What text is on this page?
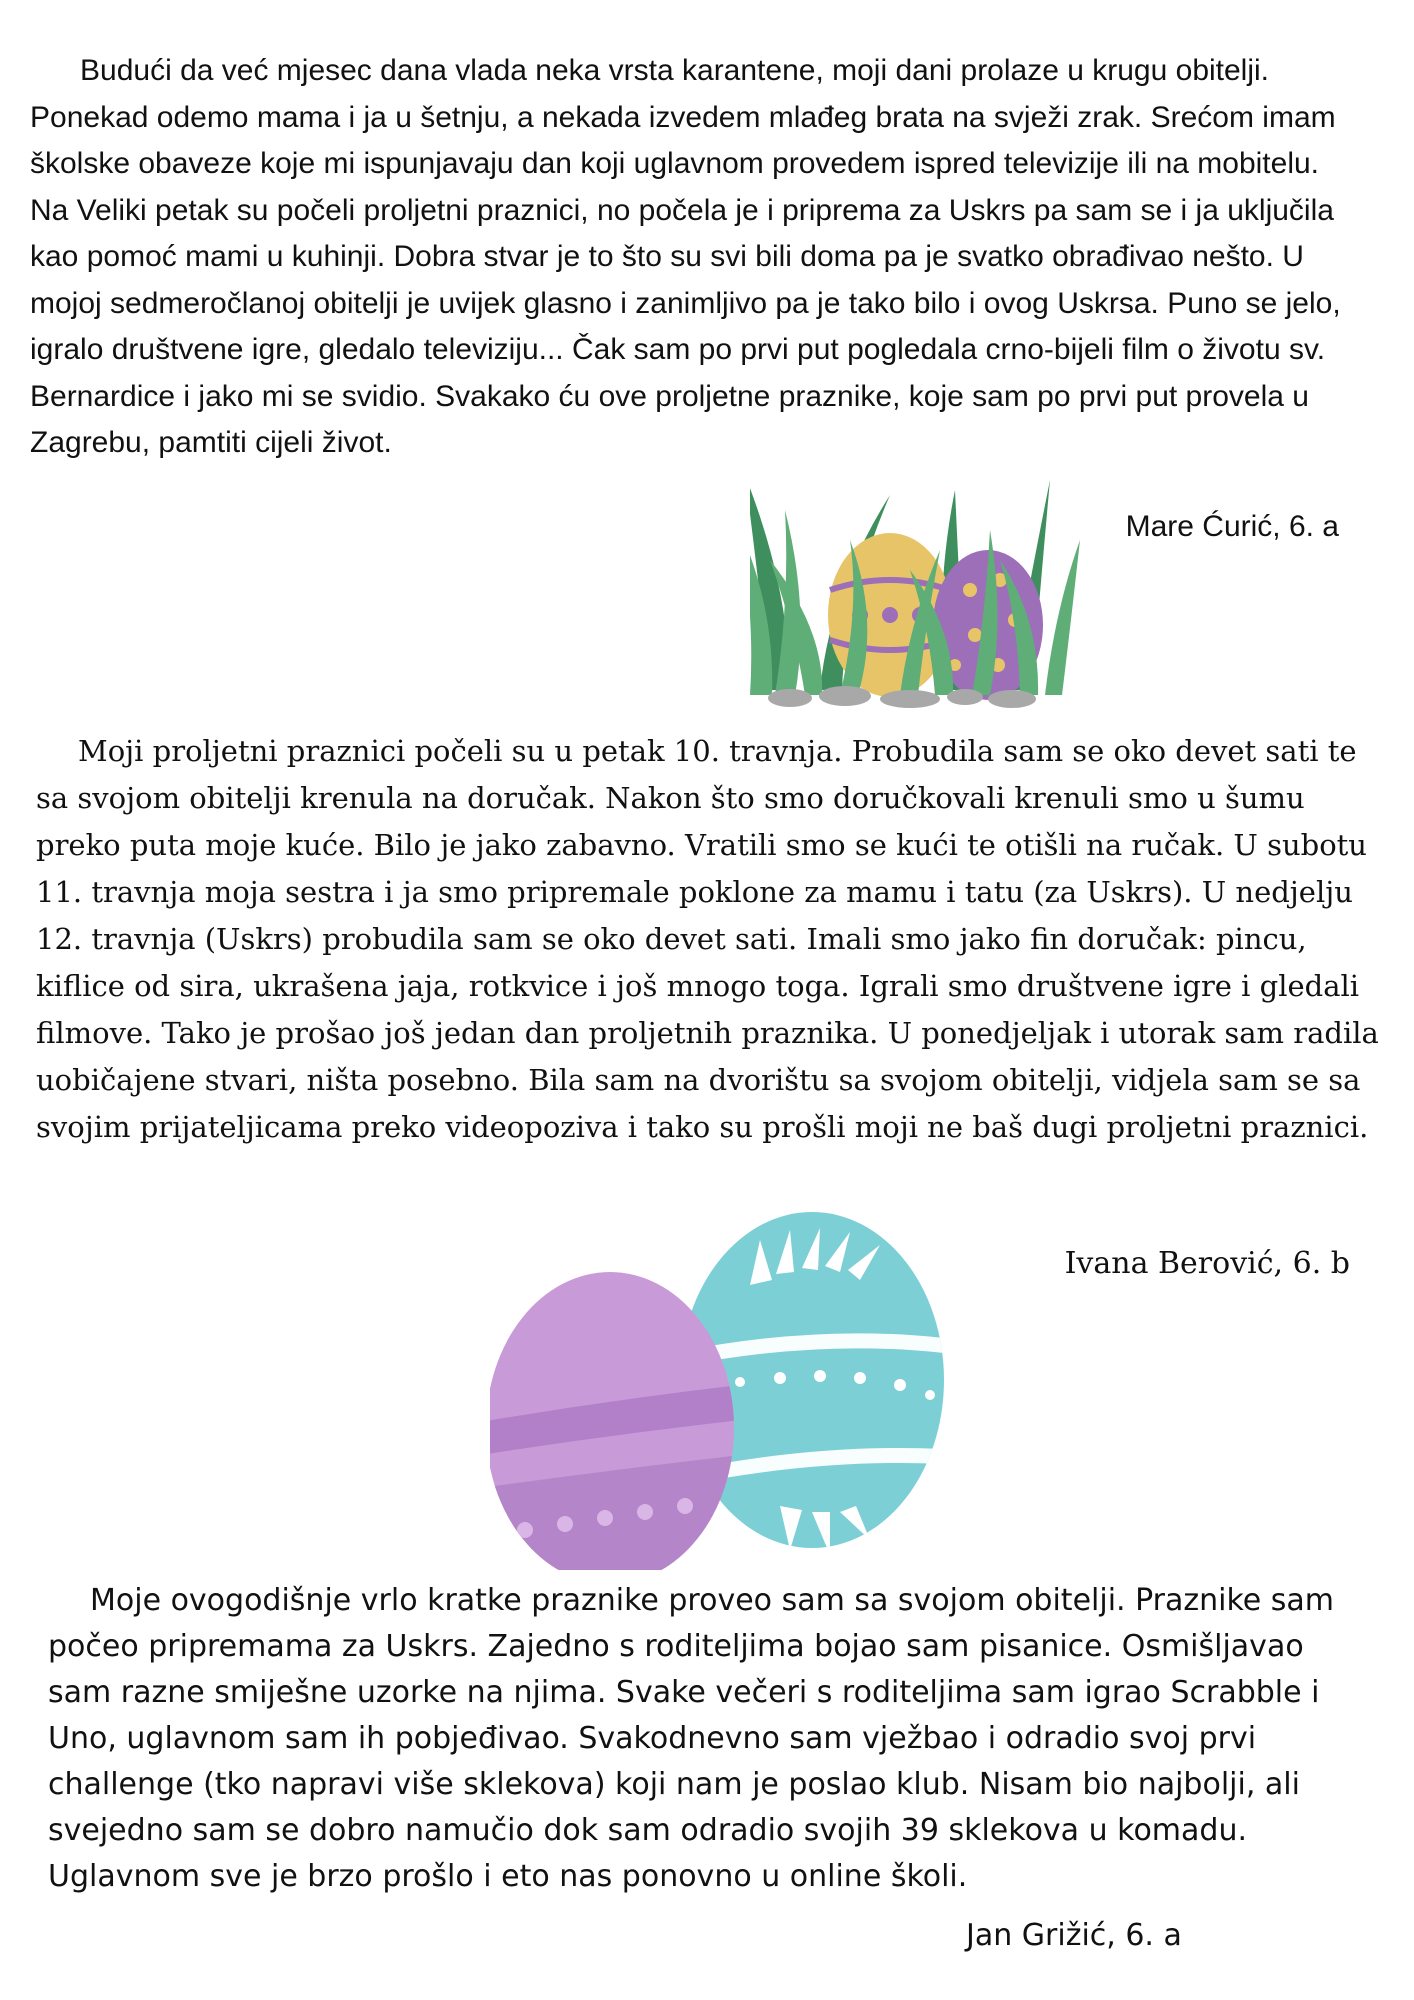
Budući da već mjesec dana vlada neka vrsta karantene, moji dani prolaze u krugu obitelji. Ponekad odemo mama i ja u šetnju, a nekada izvedem mlađeg brata na svježi zrak. Srećom imam školske obaveze koje mi ispunjavaju dan koji uglavnom provedem ispred televizije ili na mobitelu. Na Veliki petak su počeli proljetni praznici, no počela je i priprema za Uskrs pa sam se i ja uključila kao pomoć mami u kuhinji. Dobra stvar je to što su svi bili doma pa je svatko obrađivao nešto. U mojoj sedmeročlanoj obitelji je uvijek glasno i zanimljivo pa je tako bilo i ovog Uskrsa. Puno se jelo, igralo društvene igre, gledalo televiziju... Čak sam po prvi put pogledala crno-bijeli film o životu sv. Bernardice i jako mi se svidio. Svakako ću ove proljetne praznike, koje sam po prvi put provela u Zagrebu, pamtiti cijeli život.

Mare Ćurić, 6. a

Moji proljetni praznici počeli su u petak 10. travnja. Probudila sam se oko devet sati te sa svojom obitelji krenula na doručak. Nakon što smo doručkovali krenuli smo u šumu preko puta moje kuće. Bilo je jako zabavno. Vratili smo se kući te otišli na ručak. U subotu 11. travnja moja sestra i ja smo pripremale poklone za mamu i tatu (za Uskrs). U nedjelju 12. travnja (Uskrs) probudila sam se oko devet sati. Imali smo jako fin doručak: pincu, kiflice od sira, ukrašena jaja, rotkvice i još mnogo toga. Igrali smo društvene igre i gledali filmove. Tako je prošao još jedan dan proljetnih praznika. U ponedjeljak i utorak sam radila uobičajene stvari, ništa posebno. Bila sam na dvorištu sa svojom obitelji, vidjela sam se sa svojim prijateljicama preko videopoziva i tako su prošli moji ne baš dugi proljetni praznici.

Ivana Berović, 6. b

Moje ovogodišnje vrlo kratke praznike proveo sam sa svojom obitelji. Praznike sam počeo pripremama za Uskrs. Zajedno s roditeljima bojao sam pisanice. Osmišljavao sam razne smiješne uzorke na njima. Svake večeri s roditeljima sam igrao Scrabble i Uno, uglavnom sam ih pobjeđivao. Svakodnevno sam vježbao i odradio svoj prvi challenge (tko napravi više sklekova) koji nam je poslao klub. Nisam bio najbolji, ali svejedno sam se dobro namučio dok sam odradio svojih 39 sklekova u komadu. Uglavnom sve je brzo prošlo i eto nas ponovno u online školi.

Jan Grižić, 6. a
